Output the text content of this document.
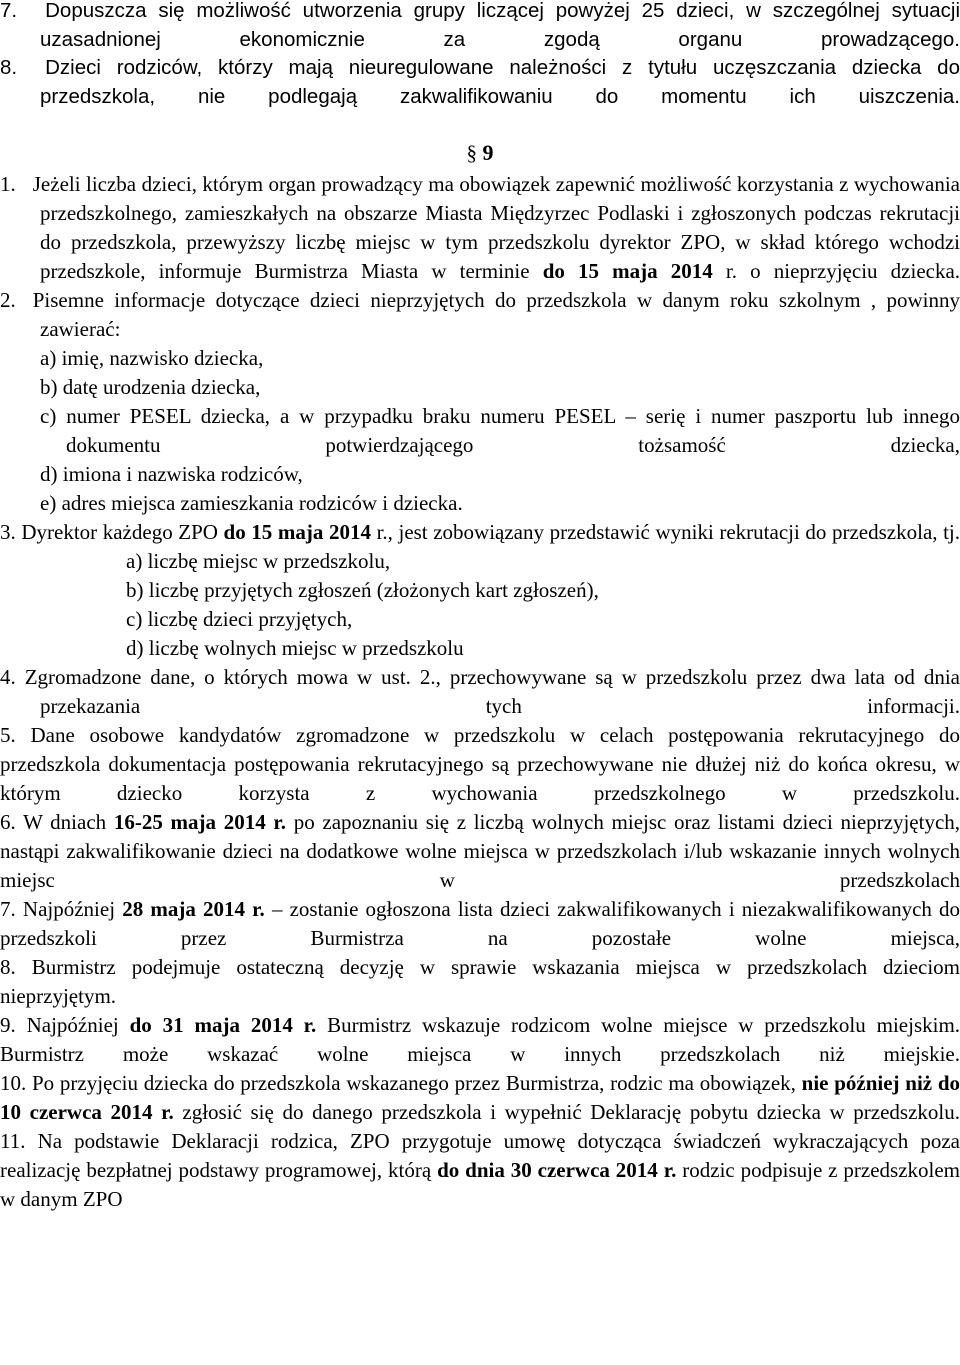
7. Dopuszcza się możliwość utworzenia grupy liczącej powyżej 25 dzieci, w szczególnej sytuacji uzasadnionej ekonomicznie za zgodą organu prowadzącego.

8. Dzieci rodziców, którzy mają nieuregulowane należności z tytułu uczęszczania dziecka do przedszkola, nie podlegają zakwalifikowaniu do momentu ich uiszczenia.

§ 9

1. Jeżeli liczba dzieci, którym organ prowadzący ma obowiązek zapewnić możliwość korzystania z wychowania przedszkolnego, zamieszkałych na obszarze Miasta Międzyrzec Podlaski i zgłoszonych podczas rekrutacji do przedszkola, przewyższy liczbę miejsc w tym przedszkolu dyrektor ZPO, w skład którego wchodzi przedszkole, informuje Burmistrza Miasta w terminie do 15 maja 2014 r. o nieprzyjęciu dziecka.

2. Pisemne informacje dotyczące dzieci nieprzyjętych do przedszkola w danym roku szkolnym , powinny zawierać:

a) imię, nazwisko dziecka,

b) datę urodzenia dziecka,

c) numer PESEL dziecka, a w przypadku braku numeru PESEL – serię i numer paszportu lub innego dokumentu potwierdzającego tożsamość dziecka,

d) imiona i nazwiska rodziców,

e) adres miejsca zamieszkania rodziców i dziecka.

3. Dyrektor każdego ZPO do 15 maja 2014 r., jest zobowiązany przedstawić wyniki rekrutacji do przedszkola, tj.

a) liczbę miejsc w przedszkolu,

b) liczbę przyjętych zgłoszeń (złożonych kart zgłoszeń),

c) liczbę dzieci przyjętych,

d) liczbę wolnych miejsc w przedszkolu

4. Zgromadzone dane, o których mowa w ust. 2., przechowywane są w przedszkolu przez dwa lata od dnia przekazania tych informacji.

5. Dane osobowe kandydatów zgromadzone w przedszkolu w celach postępowania rekrutacyjnego do przedszkola dokumentacja postępowania rekrutacyjnego są przechowywane nie dłużej niż do końca okresu, w którym dziecko korzysta z wychowania przedszkolnego w przedszkolu.

6. W dniach 16-25 maja 2014 r. po zapoznaniu się z liczbą wolnych miejsc oraz listami dzieci nieprzyjętych, nastąpi zakwalifikowanie dzieci na dodatkowe wolne miejsca w przedszkolach i/lub wskazanie innych wolnych miejsc w przedszkolach

7. Najpóźniej 28 maja 2014 r. – zostanie ogłoszona lista dzieci zakwalifikowanych i niezakwalifikowanych do przedszkoli przez Burmistrza na pozostałe wolne miejsca,

8. Burmistrz podejmuje ostateczną decyzję w sprawie wskazania miejsca w przedszkolach dzieciom nieprzyjętym.

9. Najpóźniej do 31 maja 2014 r. Burmistrz wskazuje rodzicom wolne miejsce w przedszkolu miejskim. Burmistrz może wskazać wolne miejsca w innych przedszkolach niż miejskie.

10. Po przyjęciu dziecka do przedszkola wskazanego przez Burmistrza, rodzic ma obowiązek, nie później niż do 10 czerwca 2014 r. zgłosić się do danego przedszkola i wypełnić Deklarację pobytu dziecka w przedszkolu.

11. Na podstawie Deklaracji rodzica, ZPO przygotuje umowę dotycząca świadczeń wykraczających poza realizację bezpłatnej podstawy programowej, którą do dnia 30 czerwca 2014 r. rodzic podpisuje z przedszkolem w danym ZPO
